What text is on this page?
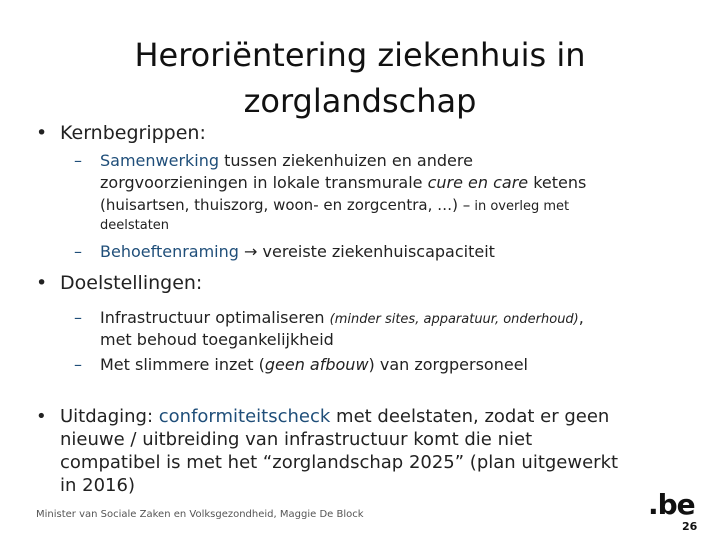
Heroriëntering ziekenhuis in zorglandschap
• Kernbegrippen:
– Samenwerking tussen ziekenhuizen en andere
zorgvoorzieningen in lokale transmurale cure en care ketens
(huisartsen, thuiszorg, woon- en zorgcentra, …) – in overleg met
deelstaten
– Behoeftenraming → vereiste ziekenhuiscapaciteit
• Doelstellingen:
– Infrastructuur optimaliseren (minder sites, apparatuur, onderhoud),
met behoud toegankelijkheid
– Met slimmere inzet (geen afbouw) van zorgpersoneel
• Uitdaging: conformiteitscheck met deelstaten, zodat er geen
nieuwe / uitbreiding van infrastructuur komt die niet
compatibel is met het “zorglandschap 2025” (plan uitgewerkt
in 2016)
Minister van Sociale Zaken en Volksgezondheid, Maggie De Block	.be
26
